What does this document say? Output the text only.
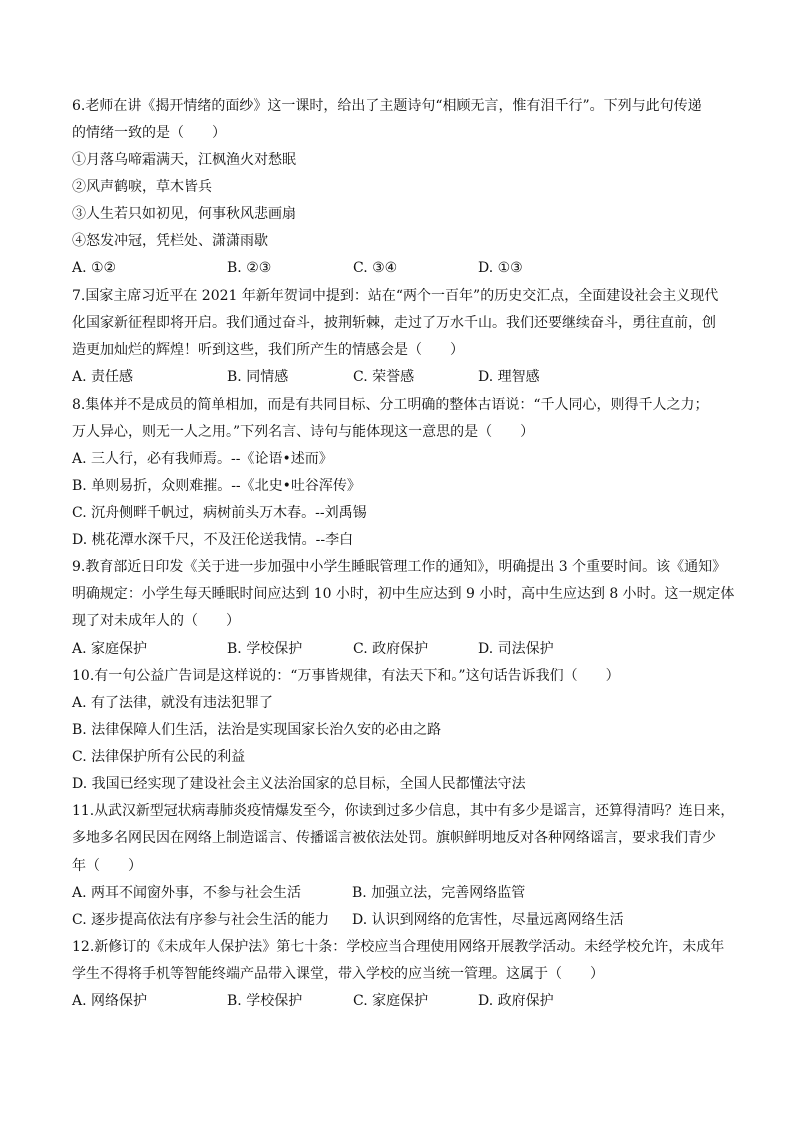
6.老师在讲《揭开情绪的面纱》这一课时，给出了主题诗句“相顾无言，惟有泪千行”。下列与此句传递
的情绪一致的是（　　）
①月落乌啼霜满天，江枫渔火对愁眠
②风声鹤唳，草木皆兵
③人生若只如初见，何事秋风悲画扇
④怒发冲冠，凭栏处、潇潇雨歇
A. ①②	B. ②③	C. ③④	D. ①③
7.国家主席习近平在 2021 年新年贺词中提到：站在“两个一百年”的历史交汇点，全面建设社会主义现代
化国家新征程即将开启。我们通过奋斗，披荆斩棘，走过了万水千山。我们还要继续奋斗，勇往直前，创
造更加灿烂的辉煌！听到这些，我们所产生的情感会是（　　）
A. 责任感	B. 同情感	C. 荣誉感	D. 理智感
8.集体并不是成员的简单相加，而是有共同目标、分工明确的整体古语说：“千人同心，则得千人之力；
万人异心，则无一人之用。”下列名言、诗句与能体现这一意思的是（　　）
A. 三人行，必有我师焉。--《论语•述而》
B. 单则易折，众则难摧。--《北史•吐谷浑传》
C. 沉舟侧畔千帆过，病树前头万木春。--刘禹锡
D. 桃花潭水深千尺，不及汪伦送我情。--李白
9.教育部近日印发《关于进一步加强中小学生睡眠管理工作的通知》，明确提出 3 个重要时间。该《通知》
明确规定：小学生每天睡眠时间应达到 10 小时，初中生应达到 9 小时，高中生应达到 8 小时。这一规定体
现了对未成年人的（　　）
A. 家庭保护	B. 学校保护	C. 政府保护	D. 司法保护
10.有一句公益广告词是这样说的：“万事皆规律，有法天下和。”这句话告诉我们（　　）
A. 有了法律，就没有违法犯罪了
B. 法律保障人们生活，法治是实现国家长治久安的必由之路
C. 法律保护所有公民的利益
D. 我国已经实现了建设社会主义法治国家的总目标，全国人民都懂法守法
11.从武汉新型冠状病毒肺炎疫情爆发至今，你读到过多少信息，其中有多少是谣言，还算得清吗？连日来，
多地多名网民因在网络上制造谣言、传播谣言被依法处罚。旗帜鲜明地反对各种网络谣言，要求我们青少
年（　　）
A. 两耳不闻窗外事，不参与社会生活	B. 加强立法，完善网络监管
C. 逐步提高依法有序参与社会生活的能力 D. 认识到网络的危害性，尽量远离网络生活
12.新修订的《未成年人保护法》第七十条：学校应当合理使用网络开展教学活动。未经学校允许，未成年
学生不得将手机等智能终端产品带入课堂，带入学校的应当统一管理。这属于（　　）
A. 网络保护	B. 学校保护	C. 家庭保护	D. 政府保护
